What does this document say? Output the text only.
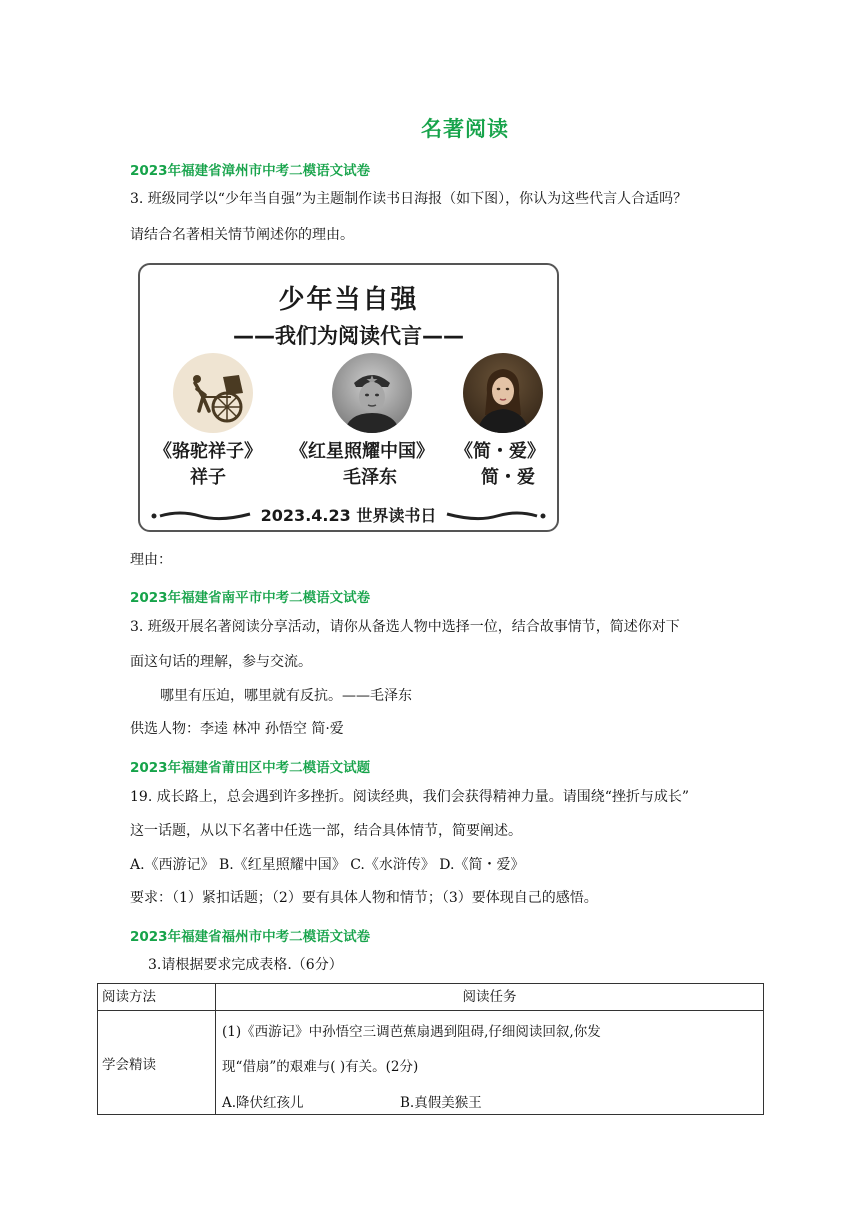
名著阅读
2023年福建省漳州市中考二模语文试卷
3. 班级同学以“少年当自强”为主题制作读书日海报（如下图），你认为这些代言人合适吗？
请结合名著相关情节阐述你的理由。
少年当自强
——我们为阅读代言——
《骆驼祥子》
祥子
《红星照耀中国》
毛泽东
《简・爱》
简・爱
2023.4.23 世界读书日
理由：
2023年福建省南平市中考二模语文试卷
3. 班级开展名著阅读分享活动，请你从备选人物中选择一位，结合故事情节，简述你对下
面这句话的理解，参与交流。
哪里有压迫，哪里就有反抗。——毛泽东
供选人物：李逵 林冲 孙悟空 简·爱
2023年福建省莆田区中考二模语文试题
19. 成长路上，总会遇到许多挫折。阅读经典，我们会获得精神力量。请围绕“挫折与成长”
这一话题，从以下名著中任选一部，结合具体情节，简要阐述。
A.《西游记》 B.《红星照耀中国》 C.《水浒传》 D.《简・爱》
要求：（1）紧扣话题；（2）要有具体人物和情节；（3）要体现自己的感悟。
2023年福建省福州市中考二模语文试卷
3.请根据要求完成表格.（6分）
阅读方法	阅读任务
学会精读	(1)《西游记》中孙悟空三调芭蕉扇遇到阻碍,仔细阅读回叙,你发
现“借扇”的艰难与( )有关。(2分)
A.降伏红孩儿 B.真假美猴王
